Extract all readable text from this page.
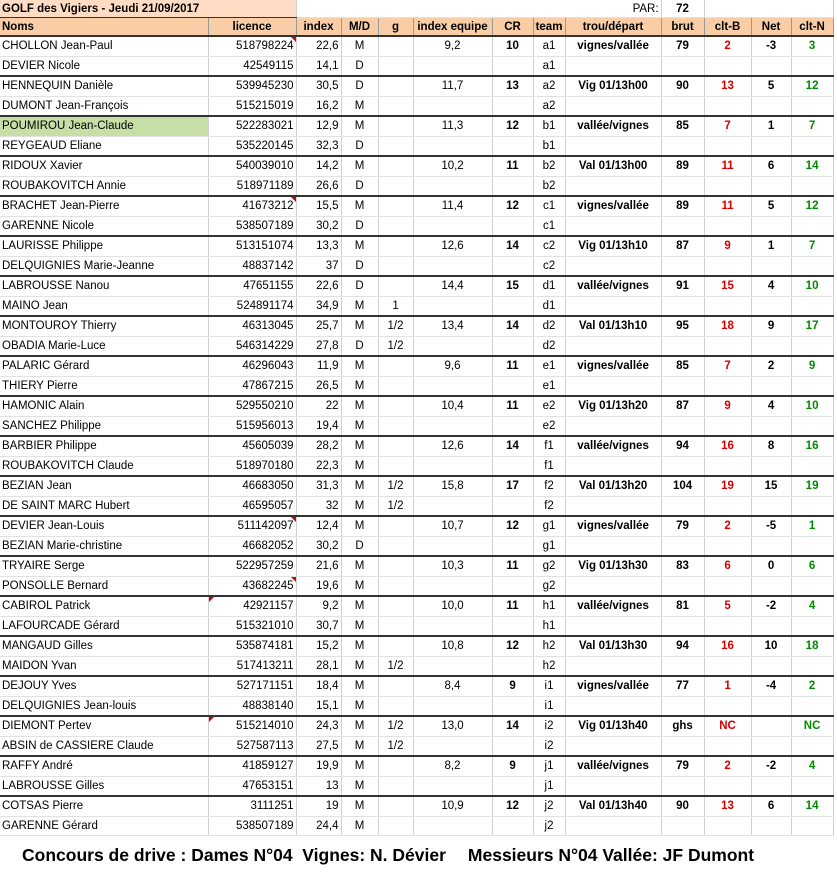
GOLF des Vigiers - Jeudi 21/09/2017		PAR:							72			
Noms	licence	index	M/D	g	index equipe	CR	team	trou/départ	brut	clt-B	Net	clt-N
CHOLLON Jean-Paul	518798224	22,6	M		9,2	10	a1	vignes/vallée	79	2	-3	3
DEVIER Nicole	42549115	14,1	D				a1					
HENNEQUIN Danièle	539945230	30,5	D		11,7	13	a2	Vig 01/13h00	90	13	5	12
DUMONT Jean-François	515215019	16,2	M				a2					
POUMIROU Jean-Claude	522283021	12,9	M		11,3	12	b1	vallée/vignes	85	7	1	7
REYGEAUD Eliane	535220145	32,3	D				b1					
RIDOUX Xavier	540039010	14,2	M		10,2	11	b2	Val 01/13h00	89	11	6	14
ROUBAKOVITCH Annie	518971189	26,6	D				b2					
BRACHET Jean-Pierre	41673212	15,5	M		11,4	12	c1	vignes/vallée	89	11	5	12
GARENNE Nicole	538507189	30,2	D				c1					
LAURISSE Philippe	513151074	13,3	M		12,6	14	c2	Vig 01/13h10	87	9	1	7
DELQUIGNIES Marie-Jeanne	48837142	37	D				c2					
LABROUSSE Nanou	47651155	22,6	D		14,4	15	d1	vallée/vignes	91	15	4	10
MAINO Jean	524891174	34,9	M	1			d1					
MONTOUROY Thierry	46313045	25,7	M	1/2	13,4	14	d2	Val 01/13h10	95	18	9	17
OBADIA Marie-Luce	546314229	27,8	D	1/2			d2					
PALARIC Gérard	46296043	11,9	M		9,6	11	e1	vignes/vallée	85	7	2	9
THIERY Pierre	47867215	26,5	M				e1					
HAMONIC Alain	529550210	22	M		10,4	11	e2	Vig 01/13h20	87	9	4	10
SANCHEZ Philippe	515956013	19,4	M				e2					
BARBIER Philippe	45605039	28,2	M		12,6	14	f1	vallée/vignes	94	16	8	16
ROUBAKOVITCH Claude	518970180	22,3	M				f1					
BEZIAN Jean	46683050	31,3	M	1/2	15,8	17	f2	Val 01/13h20	104	19	15	19
DE SAINT MARC Hubert	46595057	32	M	1/2			f2					
DEVIER Jean-Louis	511142097	12,4	M		10,7	12	g1	vignes/vallée	79	2	-5	1
BEZIAN Marie-christine	46682052	30,2	D				g1					
TRYAIRE Serge	522957259	21,6	M		10,3	11	g2	Vig 01/13h30	83	6	0	6
PONSOLLE Bernard	43682245	19,6	M				g2					
CABIROL Patrick	42921157	9,2	M		10,0	11	h1	vallée/vignes	81	5	-2	4
LAFOURCADE Gérard	515321010	30,7	M				h1					
MANGAUD Gilles	535874181	15,2	M		10,8	12	h2	Val 01/13h30	94	16	10	18
MAIDON Yvan	517413211	28,1	M	1/2			h2					
DEJOUY Yves	527171151	18,4	M		8,4	9	i1	vignes/vallée	77	1	-4	2
DELQUIGNIES Jean-louis	48838140	15,1	M				i1					
DIEMONT Pertev	515214010	24,3	M	1/2	13,0	14	i2	Vig 01/13h40	ghs	NC		NC
ABSIN de CASSIERE Claude	527587113	27,5	M	1/2			i2					
RAFFY André	41859127	19,9	M		8,2	9	j1	vallée/vignes	79	2	-2	4
LABROUSSE Gilles	47653151	13	M				j1					
COTSAS Pierre	3111251	19	M		10,9	12	j2	Val 01/13h40	90	13	6	14
GARENNE Gérard	538507189	24,4	M				j2					
Concours de drive : Dames N°04  Vignes: N. Dévier Messieurs N°04 Vallée: JF Dumont
